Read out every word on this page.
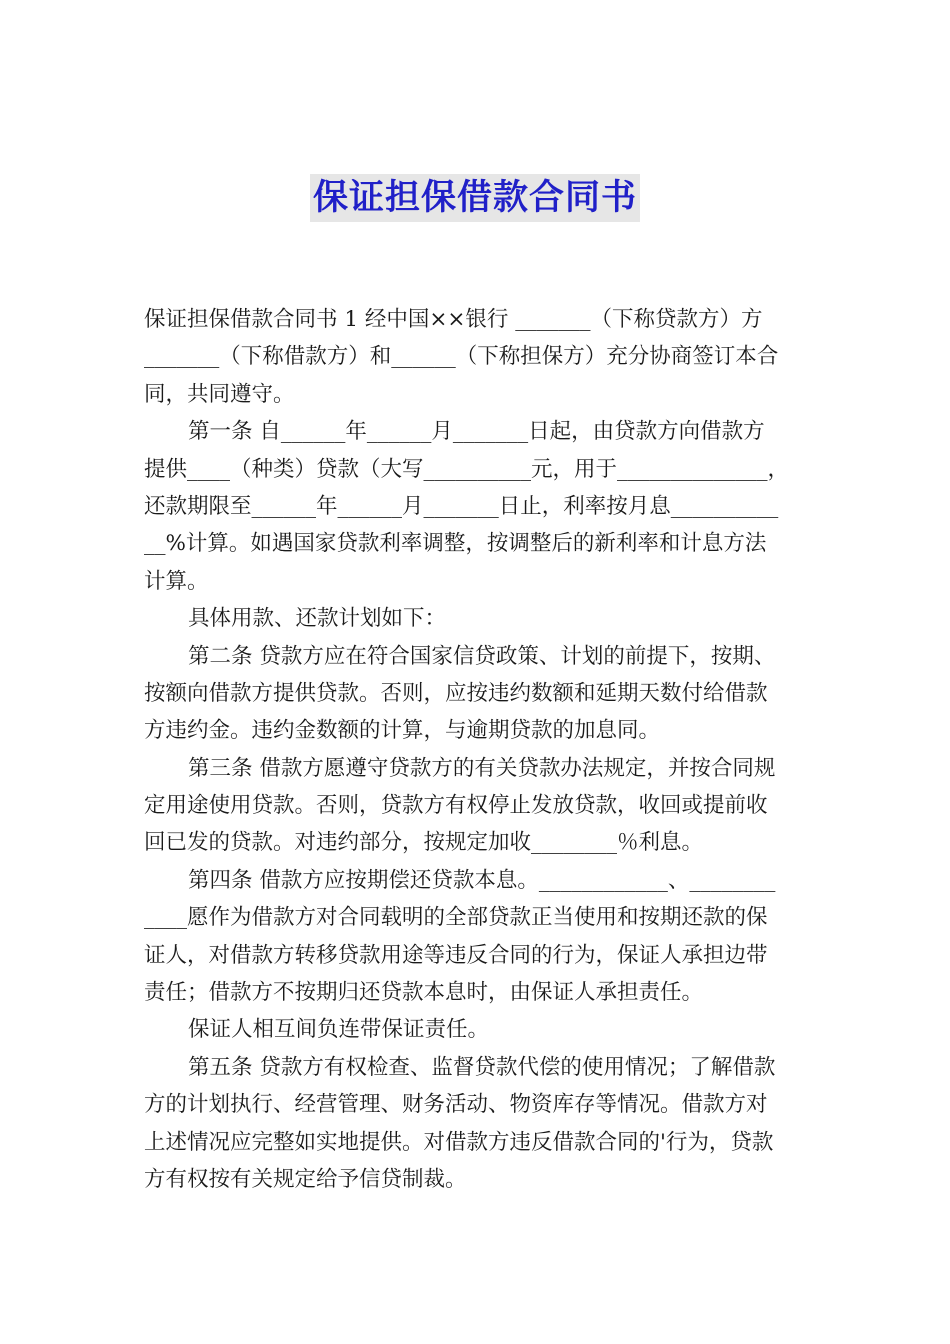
保证担保借款合同书
保证担保借款合同书 1 经中国××银行 _______（下称贷款方）方
_______（下称借款方）和______（下称担保方）充分协商签订本合
同，共同遵守。
第一条 自______年______月_______日起，由贷款方向借款方
提供____（种类）贷款（大写__________元，用于______________，
还款期限至______年______月_______日止，利率按月息__________
__%计算。如遇国家贷款利率调整，按调整后的新利率和计息方法
计算。
具体用款、还款计划如下：
第二条 贷款方应在符合国家信贷政策、计划的前提下，按期、
按额向借款方提供贷款。否则，应按违约数额和延期天数付给借款
方违约金。违约金数额的计算，与逾期贷款的加息同。
第三条 借款方愿遵守贷款方的有关贷款办法规定，并按合同规
定用途使用贷款。否则，贷款方有权停止发放贷款，收回或提前收
回已发的贷款。对违约部分，按规定加收________％利息。
第四条 借款方应按期偿还贷款本息。____________、________
____愿作为借款方对合同载明的全部贷款正当使用和按期还款的保
证人，对借款方转移贷款用途等违反合同的行为，保证人承担边带
责任；借款方不按期归还贷款本息时，由保证人承担责任。
保证人相互间负连带保证责任。
第五条 贷款方有权检查、监督贷款代偿的使用情况；了解借款
方的计划执行、经营管理、财务活动、物资库存等情况。借款方对
上述情况应完整如实地提供。对借款方违反借款合同的'行为，贷款
方有权按有关规定给予信贷制裁。
